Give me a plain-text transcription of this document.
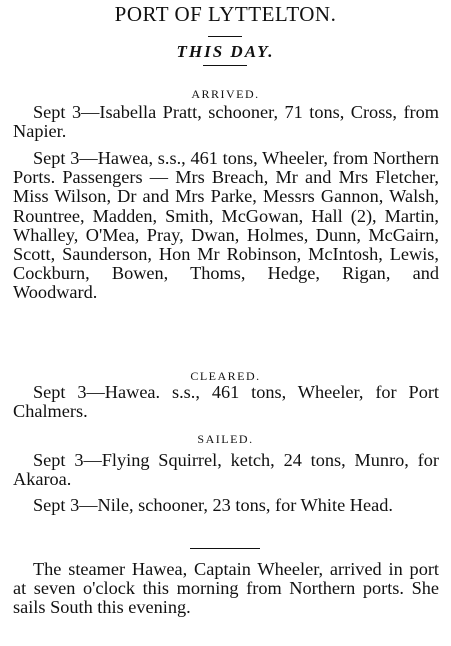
PORT OF LYTTELTON.
THIS DAY.
ARRIVED.
Sept 3—Isabella Pratt, schooner, 71 tons, Cross, from Napier.
Sept 3—Hawea, s.s., 461 tons, Wheeler, from Northern Ports. Passengers — Mrs Breach, Mr and Mrs Fletcher, Miss Wilson, Dr and Mrs Parke, Messrs Gannon, Walsh, Rountree, Madden, Smith, McGowan, Hall (2), Martin, Whalley, O'Mea, Pray, Dwan, Holmes, Dunn, McGairn, Scott, Saunderson, Hon Mr Robinson, McIntosh, Lewis, Cockburn, Bowen, Thoms, Hedge, Rigan, and Woodward.
CLEARED.
Sept 3—Hawea. s.s., 461 tons, Wheeler, for Port Chalmers.
SAILED.
Sept 3—Flying Squirrel, ketch, 24 tons, Munro, for Akaroa.
Sept 3—Nile, schooner, 23 tons, for White Head.
The steamer Hawea, Captain Wheeler, arrived in port at seven o'clock this morning from Northern ports. She sails South this evening.
